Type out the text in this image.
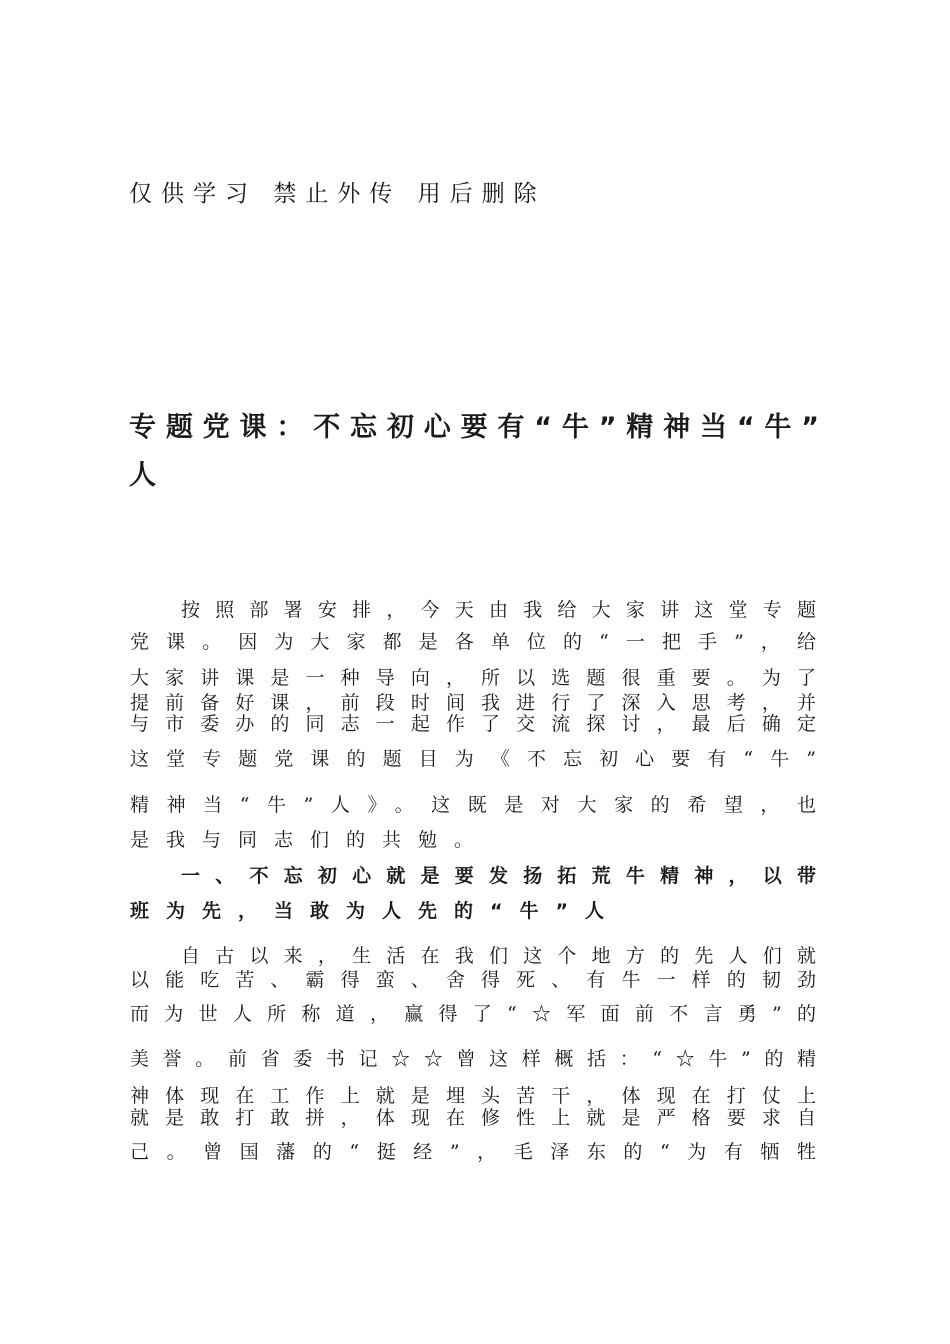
仅供学习 禁止外传 用后删除
专题党课：不忘初心要有“牛”精神当“牛”
人
按照部署安排，今天由我给大家讲这堂专题
党课。因为大家都是各单位的“一把手”，给
大家讲课是一种导向，所以选题很重要。为了
提前备好课，前段时间我进行了深入思考，并
与市委办的同志一起作了交流探讨，最后确定
这堂专题党课的题目为《不忘初心要有“牛”
精神当“牛”人》。这既是对大家的希望，也
是我与同志们的共勉。
一、不忘初心就是要发扬拓荒牛精神，以带
班为先，当敢为人先的“牛”人
自古以来，生活在我们这个地方的先人们就
以能吃苦、霸得蛮、舍得死、有牛一样的韧劲
而为世人所称道，赢得了“☆军面前不言勇”的
美誉。前省委书记☆☆曾这样概括：“☆牛”的精
神体现在工作上就是埋头苦干，体现在打仗上
就是敢打敢拼，体现在修性上就是严格要求自
己。曾国藩的“挺经”，毛泽东的“为有牺牲
